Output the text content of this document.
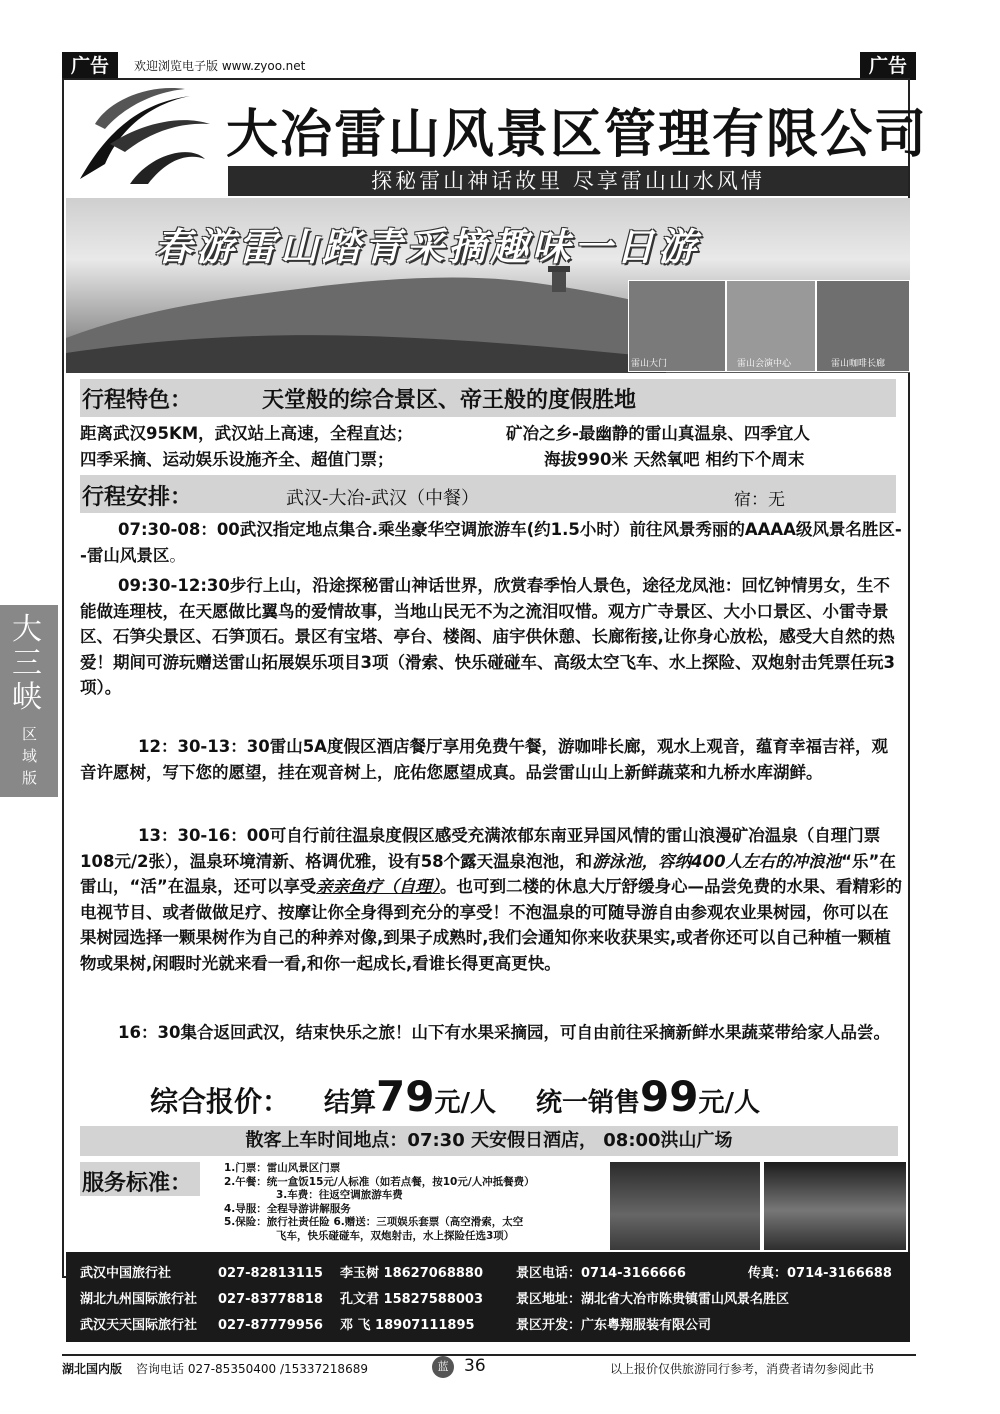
广告	欢迎浏览电子版 www.zyoo.net	广告
大冶雷山风景区管理有限公司
探秘雷山神话故里 尽享雷山山水风情
春游雷山踏青采摘趣味一日游
雷山大门	雷山会演中心	雷山咖啡长廊
行程特色：	天堂般的综合景区、帝王般的度假胜地
距离武汉95KM，武汉站上高速，全程直达；	矿冶之乡-最幽静的雷山真温泉、四季宜人
四季采摘、运动娱乐设施齐全、超值门票；	海拔990米 天然氧吧 相约下个周末
行程安排：	武汉-大冶-武汉（中餐）	宿：无
07:30-08：00武汉指定地点集合.乘坐豪华空调旅游车(约1.5小时）前往风景秀丽的AAAA级风景名胜区--雷山风景区。
09:30-12:30步行上山，沿途探秘雷山神话世界，欣赏春季怡人景色，途径龙凤池：回忆钟情男女，生不能做连理枝，在天愿做比翼鸟的爱情故事，当地山民无不为之流泪叹惜。观方广寺景区、大小口景区、小雷寺景区、石笋尖景区、石笋顶石。景区有宝塔、亭台、楼阁、庙宇供休憩、长廊衔接,让你身心放松，感受大自然的热爱！期间可游玩赠送雷山拓展娱乐项目3项（滑索、快乐碰碰车、高级太空飞车、水上探险、双炮射击凭票任玩3项）。
12：30-13：30雷山5A度假区酒店餐厅享用免费午餐，游咖啡长廊，观水上观音，蕴育幸福吉祥，观音许愿树，写下您的愿望，挂在观音树上，庇佑您愿望成真。品尝雷山山上新鲜蔬菜和九桥水库湖鲜。
13：30-16：00可自行前往温泉度假区感受充满浓郁东南亚异国风情的雷山浪漫矿冶温泉（自理门票108元/2张），温泉环境清新、格调优雅，设有58个露天温泉泡池，和游泳池，容纳400人左右的冲浪池“乐”在雷山，“活”在温泉，还可以享受亲亲鱼疗（自理）。也可到二楼的休息大厅舒缓身心—品尝免费的水果、看精彩的电视节目、或者做做足疗、按摩让你全身得到充分的享受！不泡温泉的可随导游自由参观农业果树园，你可以在果树园选择一颗果树作为自己的种养对像,到果子成熟时,我们会通知你来收获果实,或者你还可以自己种植一颗植物或果树,闲暇时光就来看一看,和你一起成长,看谁长得更高更快。
16：30集合返回武汉，结束快乐之旅！山下有水果采摘园，可自由前往采摘新鲜水果蔬菜带给家人品尝。
综合报价： 结算 79 元/人 统一销售 99 元/人
散客上车时间地点：07:30 天安假日酒店， 08:00洪山广场
服务标准：
1.门票：雷山风景区门票
2.午餐：统一盒饭15元/人标准（如若点餐，按10元/人冲抵餐费）
3.车费：往返空调旅游车费
4.导服：全程导游讲解服务
5.保险：旅行社责任险 6.赠送：三项娱乐套票（高空滑索，太空
飞车，快乐碰碰车，双炮射击，水上探险任选3项）
武汉中国旅行社	027-82813115 李玉树 18627068880	景区电话：0714-3166666	传真：0714-3166688
湖北九州国际旅行社 027-83778818 孔文君 15827588003	景区地址：湖北省大冶市陈贵镇雷山风景名胜区
武汉天天国际旅行社 027-87779956 邓 飞 18907111895	景区开发：广东粤翔服装有限公司
大三峡
区域版
湖北国内版 咨询电话 027-85350400 /15337218689	蓝 36	以上报价仅供旅游同行参考，消费者请勿参阅此书
